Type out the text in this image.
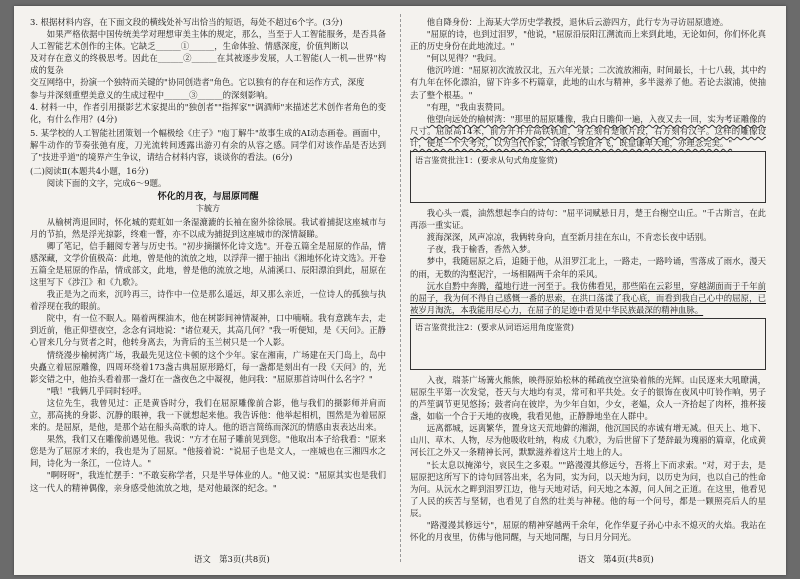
3. 根据材料内容，在下面文段的横线处补写出恰当的短语，每处不超过6个字。(3分)

如果严格依据中国传统美学对理想审美主体的规定，那么，当至于人工智能服务，是否具备人工智能艺术创作的主体。它缺乏______①______，生命体验、情感深度，价值判断以

及对存在意义的终极思考。因此在______②______在其被逐步发展，人工智能(人一机—世界"构成的复杂

交互网络中，扮演一个独特而关键的"协同创造者"角色。它以独有的存在和运作方式，深度

参与并深刻重塑美意义的生成过程中______③______的深刻影响。

4. 材料一中，作者引用摄影艺术家提出的"独创者""指挥家""调酒师"来描述艺术创作者角色的变化，有什么作用？(4分)

5. 某学校的人工智能社团策划一个幅极绘《庄子》"庖丁解牛"故事生成的AI动态画卷。画面中，解牛动作的节奏张弛有度，刀光流转间透露出游刃有余的从容之感。同学们对该作品是否达到了"技进乎道"的境界产生争议，请结合材料内容，谈谈你的看法。(6分)

(二)阅读Ⅱ(本题共4小题，16分)

阅读下面的文字，完成6～9题。

怀化的月夜，与屈原同醒
卞毓方

从榆树湾退回时，怀化城的霓虹如一条湿漉漉的长袖在窗外徐徐展。我试着捕捉这座城市与月的节拍，然是浮光掠影，终难一瞥，亦不以成为捕捉到这座城市的深情凝睇。

卿了笔记，信手翻阅专著与历史书。"初步摘撷怀化诗文选"。开卷五篇全是屈原的作品，情感深藏，文学价值极高：此地，曾是他的流放之地，以浮萍一擢于抽出《湘地怀化诗文选》。开卷五篇全是屈原的作品，情成部文，此地，曾是他的流放之地，从浦溪口、辰阳漂泊到此，屈原在这里写下《涉江》和《九歌》。

我正是为之而来，沉吟再三，诗作中一位是那么遥远，却又那么亲近，一位诗人的孤独与执着浮现在我的眼前。

院中，有一位不眠人。隔着两棵油木，他在树影间神情凝神，口中喃喃。我有意跳车去，走到近前，他正仰望夜空，念念有词地说："诸位观天，其高几何？"我一听便知，是《天问》。正静心冒来几分与贤者之时，他转身离去，为背后的玉兰树只是一个人影。

情绕漫步榆树湾广场，我最先见这位卡顿的这个少年。家在湘南，广场建在天门岛上，岛中央矗立着屈原雕像，四周环绕着173盏古典屈原形路灯，每一盏都是刻出有一段《天问》的，光影交错之中，他抬头看着那一盏灯在一盏夜色之中凝视，他问我："屈原那首诗叫什么名字？"

"哦！"我俩几乎同时轻呼。

这位先生，我曾见过：正是黄昏时分，我们在屈原雕像前合影，他与我们的摄影师并肩而立，那高挑的身影、沉静的眼神，我一下就想起来他。我告诉他：他举起相机，围然是为着屈原来的。是屈原，是他，是那个站在船头高歌的诗人。他的语言简练而深沉的情感由衷表达出来。

果然，我们又在雕像前遇见他。我说："方才在屈子雕前见到您。"他取出本子给我看："原来您是为了屈原才来的，我也是为了屈原。"他接着说："说屈子也是文人，一座城也在三湘四水之间，诗化为一条江，一位诗人。"

"啊呀呀"，我连忙摆手："不敢妄称学者，只是半导体业的人。"他又说："屈原其实也是我们这一代人的精神偶像，亲身感受他流放之地，是对他最深的纪念。"

他自降身份：上海某大学历史学教授，退休后云游四方，此行专为寻访屈原遗迹。

"屈原的诗，也到过泪罗，"他说，"屈原沿辰阳江溯流而上来到此地，无论如何，你们怀化真正的历史身份在此地流过。"

"何以见得？"我问。

他沉吟道："屈原初次流放汉北，五六年光景；二次流放湘南，时间最长，十七八载，其中约有九年在怀化漂泊，留下许多不朽篇章，此地的山水与精神，多半滋养了他。若论去淑浦，使抽去了整个根基。"

"有理，"我由衷赞同。

他望向远处的榆树湾："那里的屈原雕像，我白日瞻仰一遍，入夜又去一回，实为考证雕像的尺寸。屈原高14米，前方开井开高铁轨道，身左刻有楚歌片段，右方刻有汉字。这样的雕像设计，便是一个大考究，以为当代作家，诗歌与铁道齐飞，既显谦卑大地，亦理念完美。"

语言鉴赏批注1：(要求从句式角度鉴赏)

我心头一震，油然想起李白的诗句："屈平词赋悬日月，楚王台榭空山丘。"千古斯言，在此再添一重实证。

渡海深深，风声凉凉，我俩转身向，直至新月挂在东山，不肯恋长夜中话别。

子夜，我于榆香，香然入梦。

梦中，我随屈原之后，追随于他，从泪罗江北上，一路走，一路吟诵，雪落成了雨水，漫天的雨，无数的沟壑泥泞，一场相隔两千余年的采风。

沅水自黔中奔腾，蕴地行进一河至于。我仿佛看见，那些陷在云彩里，穿越湖面而于千年前的屈子，我为何不得自己感慨一番的思索，在洪口荡漾了我心底，而看到我自己心中的屈原，已被岁月淘洗，本我能用尽心力，在屈子的足迹中看见中华民族最深的精神血脉。

语言鉴赏批注2：(要求从词语运用角度鉴赏)

入夜，瑞茶广场篝火熊熊，映得原始松林的稀疏夜空渲染着熊的光辉。山民逐来大吼瞭满，屈原生平第一次发觉，苍天与大地均有灵，常可和平共处。女子的银饰在夜风中叮铃作响，男子的芦笙调节更见悠扬；鼓者向在彼岸，为少年自如，少女，老媪，众人一齐拾起了肉杯，推杯接盏，如临一个合于天地的夜晚，我看见他，正静静地坐在人群中。

远离都城，远离繁华，置身这天荒地僻的湘湖，他沉国民的赤诚有增无减。但天上、地下、山川、草木、人物，尽为他吸收吐纳，构成《九歌》，为后世留下了楚辞最为瑰丽的篇章，化成黄河长江之外又一条精神长河，默默滋养着这片土地上的人。

"长太息以掩涕兮，哀民生之多艰。""路漫漫其修远兮，吾将上下而求索。"对，对于去，是屈原把这所写下的诗句回答出来，名为同，实为问，以天地为问，以历史为问，也以自己的性命为问。从沅水之畔到泪罗江边，他与天地对话，问天地之本源，问人间之正道。在这里，他看见了人民的疾苦与坚韧，也看见了自然的壮美与神秘。他的每一个问号，都是一颗照亮后人的星辰。

"路漫漫其修远兮"，屈原的精神穿越两千余年，化作华夏子孙心中永不熄灭的火焰。我站在怀化的月夜里，仿佛与他同醒，与天地同醒，与日月分同光。

语文　第3页(共8页)	语文　第4页(共8页)
